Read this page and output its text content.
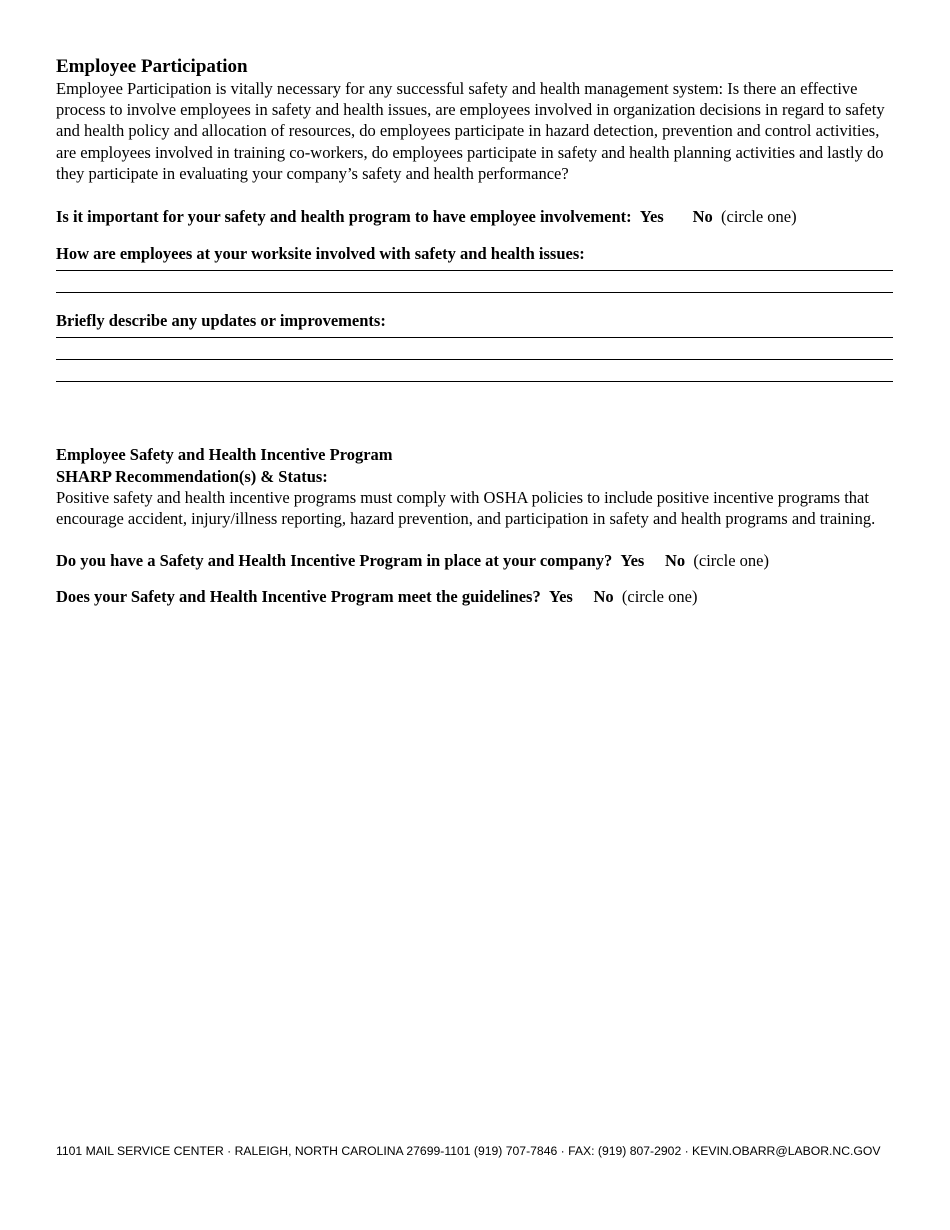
Employee Participation

Employee Participation is vitally necessary for any successful safety and health management system: Is there an effective process to involve employees in safety and health issues, are employees involved in organization decisions in regard to safety and health policy and allocation of resources, do employees participate in hazard detection, prevention and control activities, are employees involved in training co-workers, do employees participate in safety and health planning activities and lastly do they participate in evaluating your company’s safety and health performance?

Is it important for your safety and health program to have employee involvement: Yes No (circle one)

How are employees at your worksite involved with safety and health issues:

Briefly describe any updates or improvements:

Employee Safety and Health Incentive Program

SHARP Recommendation(s) & Status:

Positive safety and health incentive programs must comply with OSHA policies to include positive incentive programs that encourage accident, injury/illness reporting, hazard prevention, and participation in safety and health programs and training.

Do you have a Safety and Health Incentive Program in place at your company? Yes No (circle one)

Does your Safety and Health Incentive Program meet the guidelines? Yes No (circle one)

1101 MAIL SERVICE CENTER · RALEIGH, NORTH CAROLINA 27699-1101 (919) 707-7846 · FAX: (919) 807-2902 · KEVIN.OBARR@LABOR.NC.GOV
